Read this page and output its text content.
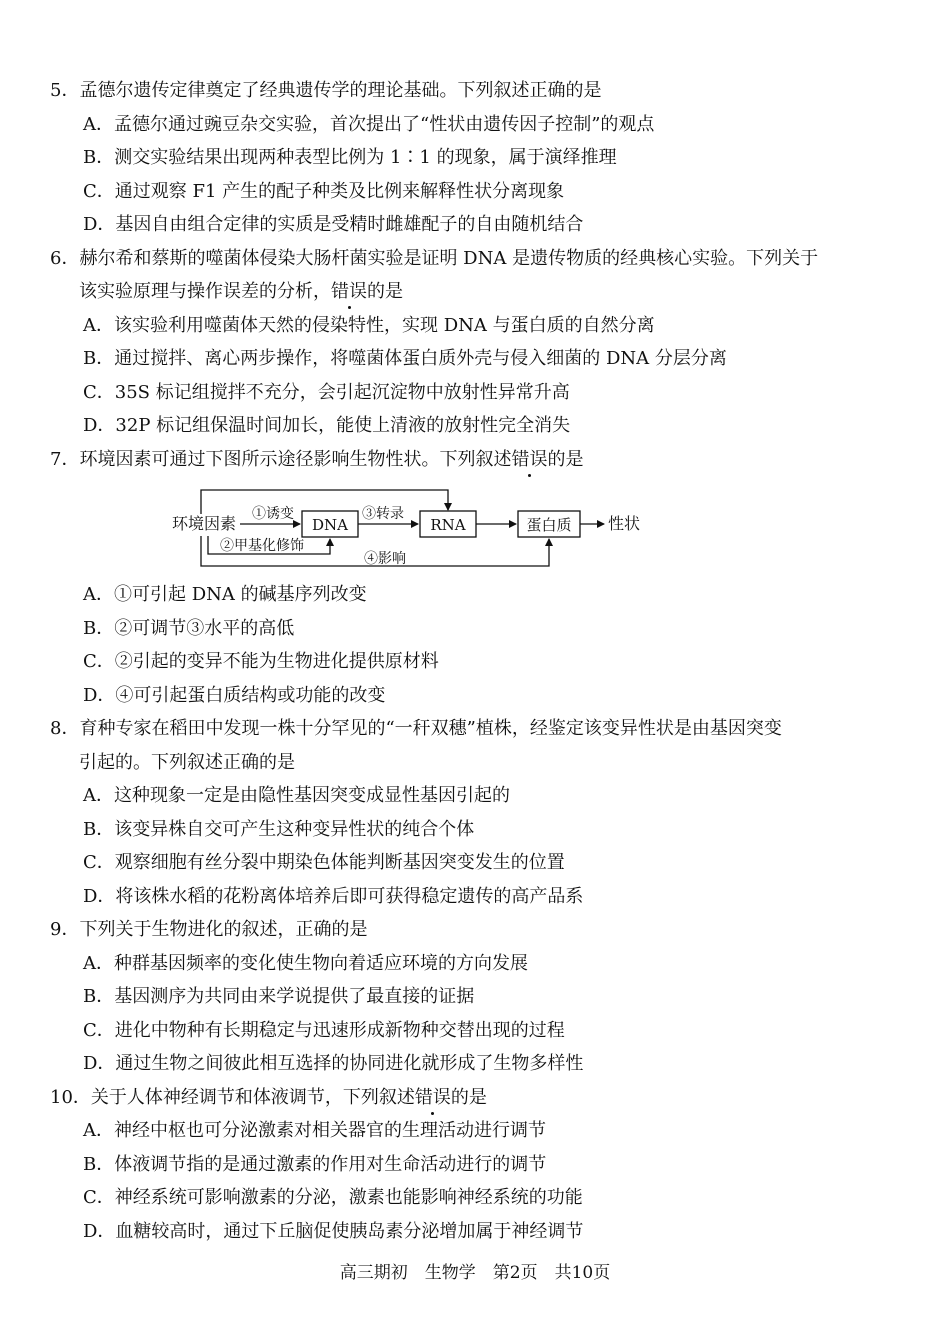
5．孟德尔遗传定律奠定了经典遗传学的理论基础。下列叙述正确的是
A．孟德尔通过豌豆杂交实验，首次提出了“性状由遗传因子控制”的观点
B．测交实验结果出现两种表型比例为 1∶1 的现象，属于演绎推理
C．通过观察 F1 产生的配子种类及比例来解释性状分离现象
D．基因自由组合定律的实质是受精时雌雄配子的自由随机结合
6．赫尔希和蔡斯的噬菌体侵染大肠杆菌实验是证明 DNA 是遗传物质的经典核心实验。下列关于
该实验原理与操作误差的分析，错误的是
A．该实验利用噬菌体天然的侵染特性，实现 DNA 与蛋白质的自然分离
B．通过搅拌、离心两步操作，将噬菌体蛋白质外壳与侵入细菌的 DNA 分层分离
C．35S 标记组搅拌不充分，会引起沉淀物中放射性异常升高
D．32P 标记组保温时间加长，能使上清液的放射性完全消失
7．环境因素可通过下图所示途径影响生物性状。下列叙述错误的是
环境因素 ①诱变
DNA
③转录
RNA	蛋白质 性状
②甲基化修饰
④影响
A．①可引起 DNA 的碱基序列改变
B．②可调节③水平的高低
C．②引起的变异不能为生物进化提供原材料
D．④可引起蛋白质结构或功能的改变
8．育种专家在稻田中发现一株十分罕见的“一秆双穗”植株，经鉴定该变异性状是由基因突变
引起的。下列叙述正确的是
A．这种现象一定是由隐性基因突变成显性基因引起的
B．该变异株自交可产生这种变异性状的纯合个体
C．观察细胞有丝分裂中期染色体能判断基因突变发生的位置
D．将该株水稻的花粉离体培养后即可获得稳定遗传的高产品系
9．下列关于生物进化的叙述，正确的是
A．种群基因频率的变化使生物向着适应环境的方向发展
B．基因测序为共同由来学说提供了最直接的证据
C．进化中物种有长期稳定与迅速形成新物种交替出现的过程
D．通过生物之间彼此相互选择的协同进化就形成了生物多样性
10．关于人体神经调节和体液调节，下列叙述错误的是
A．神经中枢也可分泌激素对相关器官的生理活动进行调节
B．体液调节指的是通过激素的作用对生命活动进行的调节
C．神经系统可影响激素的分泌，激素也能影响神经系统的功能
D．血糖较高时，通过下丘脑促使胰岛素分泌增加属于神经调节
高三期初　生物学　第2页　共10页
